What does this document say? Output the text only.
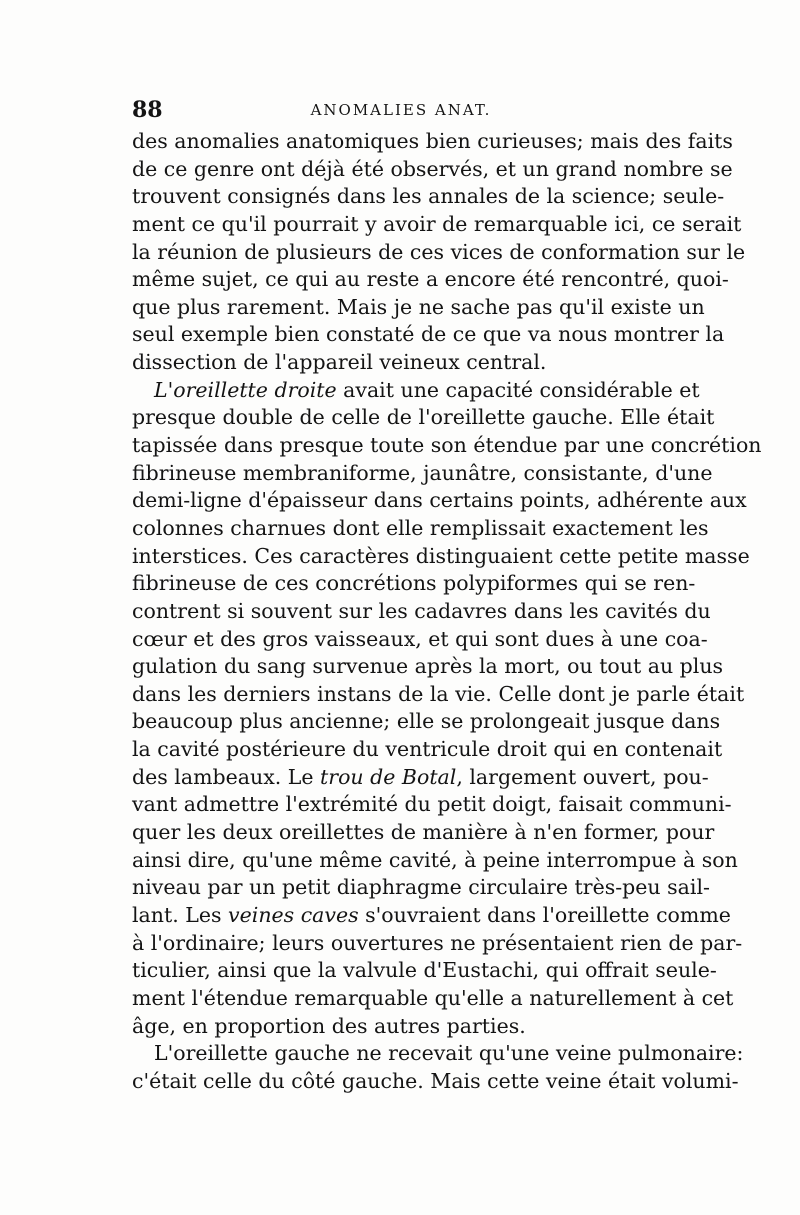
88	ANOMALIES ANAT.
des anomalies anatomiques bien curieuses; mais des faits
de ce genre ont déjà été observés, et un grand nombre se
trouvent consignés dans les annales de la science; seule-
ment ce qu'il pourrait y avoir de remarquable ici, ce serait
la réunion de plusieurs de ces vices de conformation sur le
même sujet, ce qui au reste a encore été rencontré, quoi-
que plus rarement. Mais je ne sache pas qu'il existe un
seul exemple bien constaté de ce que va nous montrer la
dissection de l'appareil veineux central.
L'oreillette droite avait une capacité considérable et
presque double de celle de l'oreillette gauche. Elle était
tapissée dans presque toute son étendue par une concrétion
fibrineuse membraniforme, jaunâtre, consistante, d'une
demi-ligne d'épaisseur dans certains points, adhérente aux
colonnes charnues dont elle remplissait exactement les
interstices. Ces caractères distinguaient cette petite masse
fibrineuse de ces concrétions polypiformes qui se ren-
contrent si souvent sur les cadavres dans les cavités du
cœur et des gros vaisseaux, et qui sont dues à une coa-
gulation du sang survenue après la mort, ou tout au plus
dans les derniers instans de la vie. Celle dont je parle était
beaucoup plus ancienne; elle se prolongeait jusque dans
la cavité postérieure du ventricule droit qui en contenait
des lambeaux. Le trou de Botal, largement ouvert, pou-
vant admettre l'extrémité du petit doigt, faisait communi-
quer les deux oreillettes de manière à n'en former, pour
ainsi dire, qu'une même cavité, à peine interrompue à son
niveau par un petit diaphragme circulaire très-peu sail-
lant. Les veines caves s'ouvraient dans l'oreillette comme
à l'ordinaire; leurs ouvertures ne présentaient rien de par-
ticulier, ainsi que la valvule d'Eustachi, qui offrait seule-
ment l'étendue remarquable qu'elle a naturellement à cet
âge, en proportion des autres parties.
L'oreillette gauche ne recevait qu'une veine pulmonaire:
c'était celle du côté gauche. Mais cette veine était volumi-
